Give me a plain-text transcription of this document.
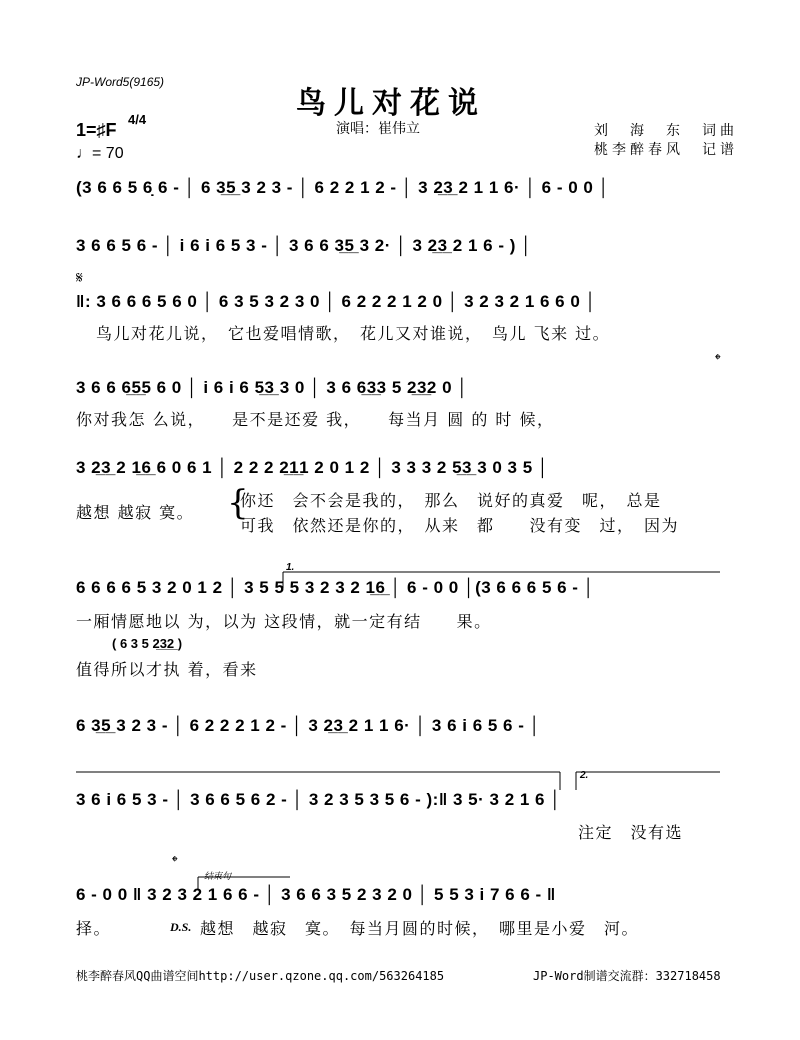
JP-Word5(9165)
鸟儿对花说
演唱：崔伟立	刘　海　东　词曲
桃李醉春风　记谱
1=♯F
4/4
♩= 70
𝄋
𝄌
𝄌
(3 6 6 5 6̣ 6 - │ 6 3̲5̲ 3 2 3 - │ 6 2 2 1 2 - │ 3 2̲3̲ 2 1 1 6· │ 6 - 0 0 │
3 6 6 5 6 - │ i 6 i 6 5 3 - │ 3 6 6 3̲5̲ 3 2· │ 3 2̲3̲ 2 1 6 - ) │
‖: 3 6 6 6 5 6 0 │ 6 3 5 3 2 3 0 │ 6 2 2 2 1 2 0 │ 3 2 3 2 1 6 6 0 │
鸟儿对花儿说，　它也爱唱情歌，　花儿又对谁说，　鸟儿 飞来 过。
3 6 6 6̲5̲5 6 0 │ i 6 i 6 5̲3̲ 3 0 │ 3 6 6̲3̲3 5 2̲3̲2 0 │
你对我怎 么说，　　是不是还爱 我，　　每当月 圆 的 时 候，
3 2̲3̲ 2 1̲6̲ 6 0 6 1 │ 2 2 2 2̲1̲1 2 0 1 2 │ 3 3 3 2 5̲3̲ 3 0 3 5 │
越想 越寂 寞。 {
你还　会不会是我的，　那么　说好的真爱　呢，　总是
可我　依然还是你的，　从来　都　　没有变　过，　因为
1.
6 6 6 6 5 3 2 0 1 2 │ 3 5 5 5 3 2 3 2 1̲6̲ │ 6 - 0 0 │(3 6 6 6 5 6 - │
一厢情愿地以 为，以为 这段情，就一定有结　　果。
( 6 3 5 2̲3̲2̲ )
值得所以才执 着，看来
6 3̲5̲ 3 2 3 - │ 6 2 2 2 1 2 - │ 3 2̲3̲ 2 1 1 6· │ 3 6 i 6 5 6 - │
2.
3 6 i 6 5 3 - │ 3 6 6 5 6 2 - │ 3 2 3 5 3 5 6 - ):‖ 3 5· 3 2 1 6 │
注定　没有选
结束句
6 - 0 0 ‖ 3 2 3 2 1 6 6 - │ 3 6 6 3 5 2 3 2 0 │ 5 5 3 i 7 6 6 - ‖
择。	D.S. 越想　越寂　寞。　每当月圆的时候，　哪里是小爱　河。
桃李醉春风QQ曲谱空间http://user.qzone.qq.com/563264185	JP-Word制谱交流群：332718458
